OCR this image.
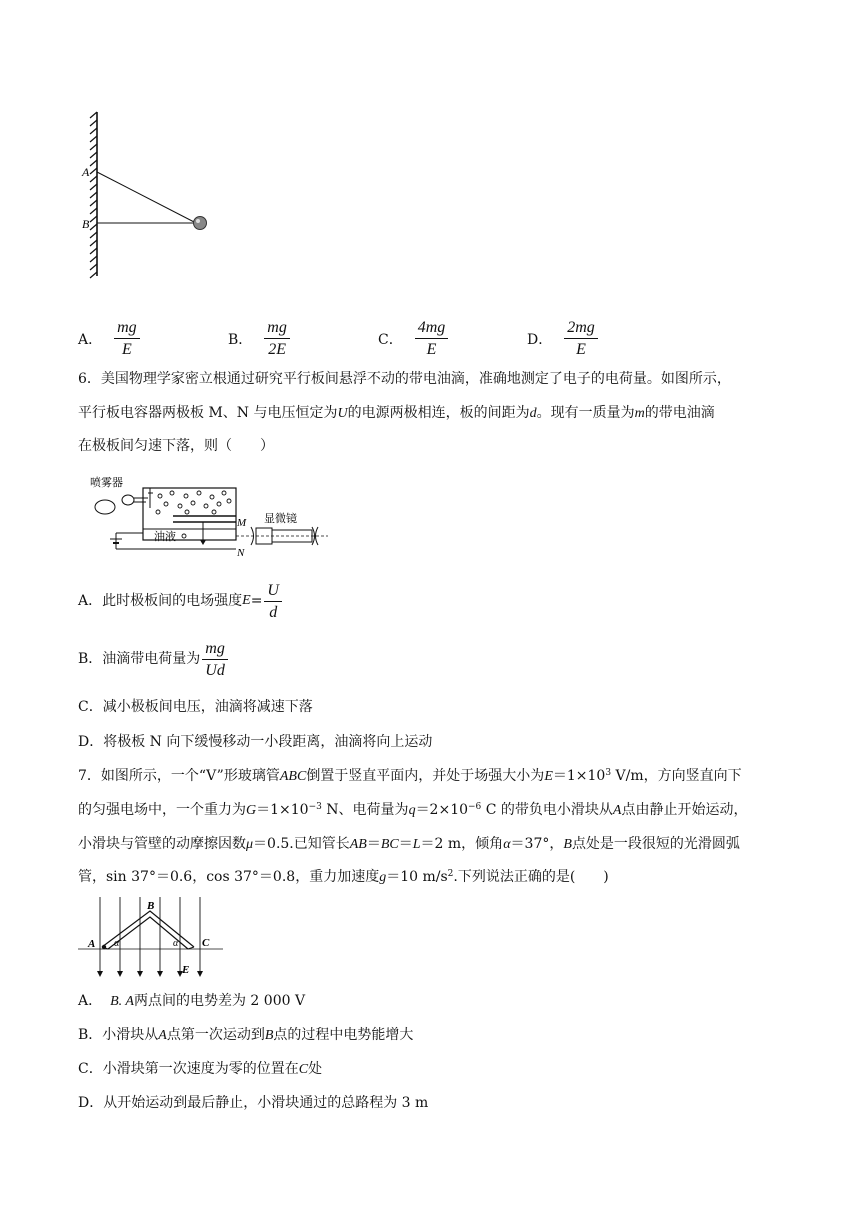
A
B
A． $\frac{mg}{E}$	B． $\frac{mg}{2E}$	C． $\frac{4mg}{E}$	D． $\frac{2mg}{E}$
6．美国物理学家密立根通过研究平行板间悬浮不动的带电油滴，准确地测定了电子的电荷量。如图所示，
平行板电容器两极板 M、N 与电压恒定为U的电源两极相连，板的间距为d。现有一质量为m的带电油滴
在极板间匀速下落，则（　　）
喷雾器
油液
M
N
显微镜
A．此时极板间的电场强度 $E = \frac{U}{d}$
B．油滴带电荷量为 $\frac{mg}{Ud}$
C．减小极板间电压，油滴将减速下落
D．将极板 N 向下缓慢移动一小段距离，油滴将向上运动
7．如图所示，一个“V”形玻璃管ABC倒置于竖直平面内，并处于场强大小为$E=1\times 10^3$ V/m，方向竖直向下
的匀强电场中，一个重力为$G=1\times 10^{-3}$ N、电荷量为$q=2\times 10^{-6}$ C 的带负电小滑块从A点由静止开始运动，
小滑块与管壁的动摩擦因数μ＝0.5.已知管长AB＝BC＝L＝2 m，倾角α＝37°，B点处是一段很短的光滑圆弧
管，sin 37°＝0.6，cos 37°＝0.8，重力加速度g＝10 $m/s^2$.下列说法正确的是(　　)
A
B
C
E
α	α
A． B. A两点间的电势差为 2 000 V
B．小滑块从A点第一次运动到B点的过程中电势能增大
C．小滑块第一次速度为零的位置在C处
D．从开始运动到最后静止，小滑块通过的总路程为 3 m
